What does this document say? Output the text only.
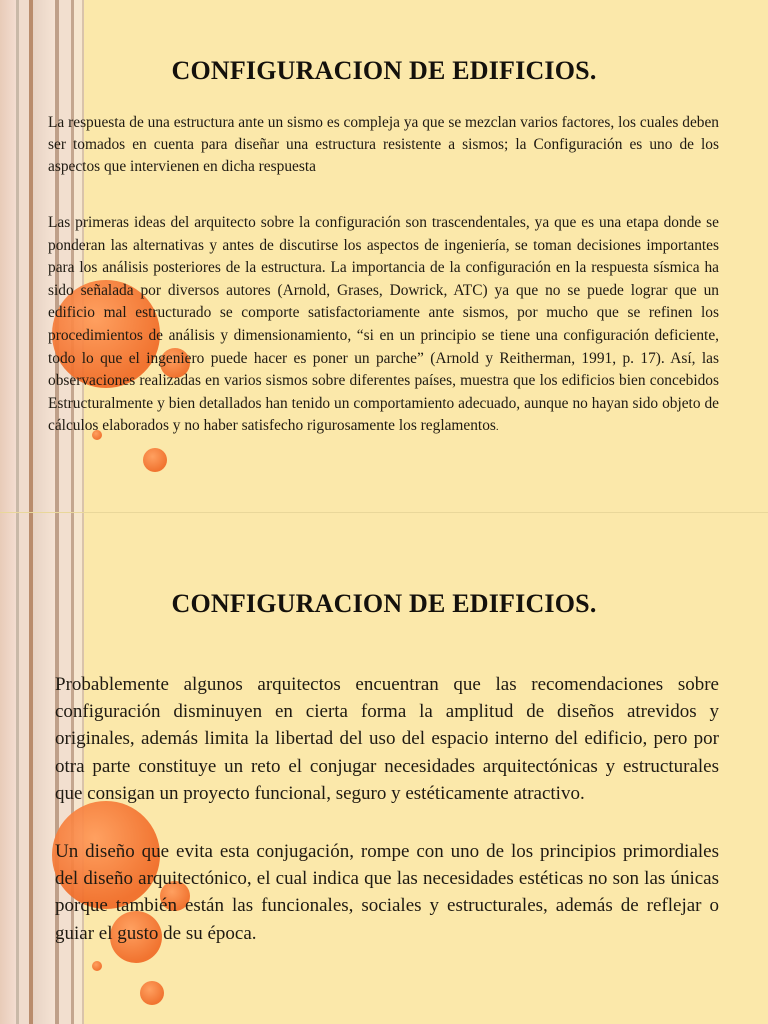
CONFIGURACION DE EDIFICIOS.
La respuesta de una estructura ante un sismo es compleja ya que se mezclan varios factores, los cuales deben ser tomados en cuenta para diseñar una estructura resistente a sismos; la Configuración es uno de los aspectos que intervienen en dicha respuesta
Las primeras ideas del arquitecto sobre la configuración son trascendentales, ya que es una etapa donde se ponderan las alternativas y antes de discutirse los aspectos de ingeniería, se toman decisiones importantes para los análisis posteriores de la estructura. La importancia de la configuración en la respuesta sísmica ha sido señalada por diversos autores (Arnold, Grases, Dowrick, ATC) ya que no se puede lograr que un edificio mal estructurado se comporte satisfactoriamente ante sismos, por mucho que se refinen los procedimientos de análisis y dimensionamiento, “si en un principio se tiene una configuración deficiente, todo lo que el ingeniero puede hacer es poner un parche” (Arnold y Reitherman, 1991, p. 17). Así, las observaciones realizadas en varios sismos sobre diferentes países, muestra que los edificios bien concebidos Estructuralmente y bien detallados han tenido un comportamiento adecuado, aunque no hayan sido objeto de cálculos elaborados y no haber satisfecho rigurosamente los reglamentos.
CONFIGURACION DE EDIFICIOS.
Probablemente algunos arquitectos encuentran que las recomendaciones sobre configuración disminuyen en cierta forma la amplitud de diseños atrevidos y originales, además limita la libertad del uso del espacio interno del edificio, pero por otra parte constituye un reto el conjugar necesidades arquitectónicas y estructurales que consigan un proyecto funcional, seguro y estéticamente atractivo.
Un diseño que evita esta conjugación, rompe con uno de los principios primordiales del diseño arquitectónico, el cual indica que las necesidades estéticas no son las únicas porque también están las funcionales, sociales y estructurales, además de reflejar o guiar el gusto de su época.
